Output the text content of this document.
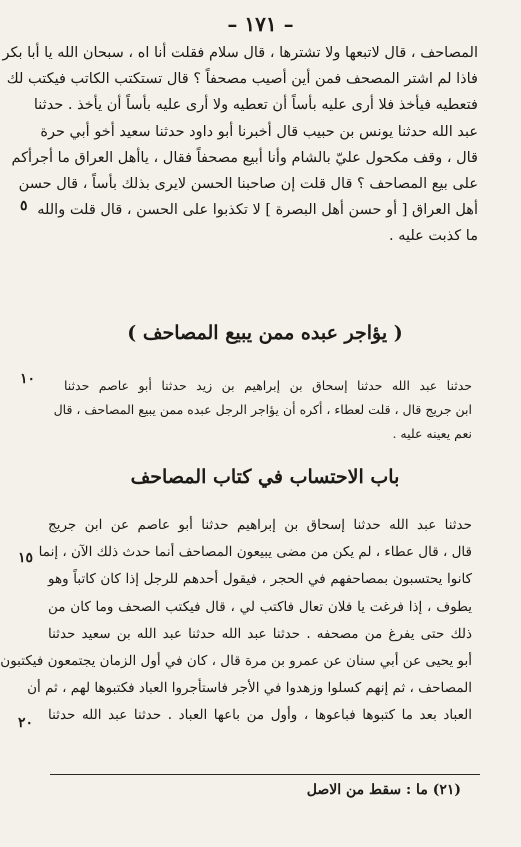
– ١٧١ –
المصاحف ، قال لاتبعها ولا تشترها ، قال سلام فقلت أنا اه ، سبحان الله يا أبا بكر
فاذا لم اشتر المصحف فمن أين أصيب مصحفاً ؟ قال تستكتب الكاتب فيكتب لك
فتعطيه فيأخذ فلا أرى عليه بأساً أن تعطيه ولا أرى عليه بأساً أن يأخذ . حدثنا
عبد الله حدثنا يونس بن حبيب قال أخبرنا أبو داود حدثنا سعيد أخو أبي حرة
قال ، وقف مكحول عليّ بالشام وأنا أبيع مصحفاً فقال ، ياأهل العراق ما أجرأكم
على بيع المصاحف ؟ قال قلت إن صاحبنا الحسن لايرى بذلك بأساً ، قال حسن
أهل العراق [ أو حسن أهل البصرة ] لا تكذبوا على الحسن ، قال قلت والله
ما كذبت عليه .
( يؤاجر عبده ممن يبيع المصاحف )
حدثنا عبد الله حدثنا إسحاق بن إبراهيم بن زيد حدثنا أبو عاصم حدثنا
ابن جريج قال ، قلت لعطاء ، أكره أن يؤاجر الرجل عبده ممن يبيع المصاحف ، قال
نعم يعينه عليه .
باب الاحتساب في كتاب المصاحف
حدثنا عبد الله حدثنا إسحاق بن إبراهيم حدثنا أبو عاصم عن ابن جريج
قال ، قال عطاء ، لم يكن من مضى يبيعون المصاحف أنما حدث ذلك الآن ، إنما
كانوا يحتسبون بمصاحفهم في الحجر ، فيقول أحدهم للرجل إذا كان كاتباً وهو
يطوف ، إذا فرغت يا فلان تعال فاكتب لي ، قال فيكتب الصحف وما كان من
ذلك حتى يفرغ من مصحفه . حدثنا عبد الله حدثنا عبد الله بن سعيد حدثنا
أبو يحيى عن أبي سنان عن عمرو بن مرة قال ، كان في أول الزمان يجتمعون فيكتبون
المصاحف ، ثم إنهم كسلوا وزهدوا في الأجر فاستأجروا العباد فكتبوها لهم ، ثم أن
العباد بعد ما كتبوها فباعوها ، وأول من باعها العباد . حدثنا عبد الله حدثنا
٥
١٠
١٥
٢٠
(٢١) ما : سقط من الاصل
